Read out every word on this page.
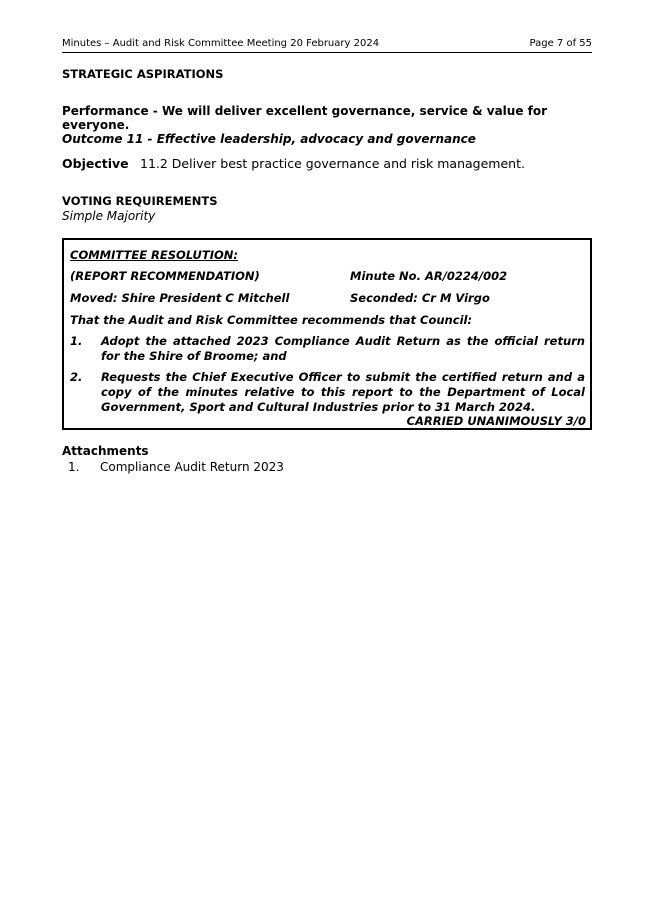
Minutes – Audit and Risk Committee Meeting 20 February 2024	Page 7 of 55
STRATEGIC ASPIRATIONS
Performance - We will deliver excellent governance, service & value for everyone.
Outcome 11 - Effective leadership, advocacy and governance
Objective 11.2 Deliver best practice governance and risk management.
VOTING REQUIREMENTS
Simple Majority
COMMITTEE RESOLUTION:
(REPORT RECOMMENDATION)	Minute No. AR/0224/002
Moved: Shire President C Mitchell	Seconded: Cr M Virgo
That the Audit and Risk Committee recommends that Council:
1. Adopt the attached 2023 Compliance Audit Return as the official return for the Shire of Broome; and
2. Requests the Chief Executive Officer to submit the certified return and a copy of the minutes relative to this report to the Department of Local Government, Sport and Cultural Industries prior to 31 March 2024.
CARRIED UNANIMOUSLY 3/0
Attachments
1. Compliance Audit Return 2023
